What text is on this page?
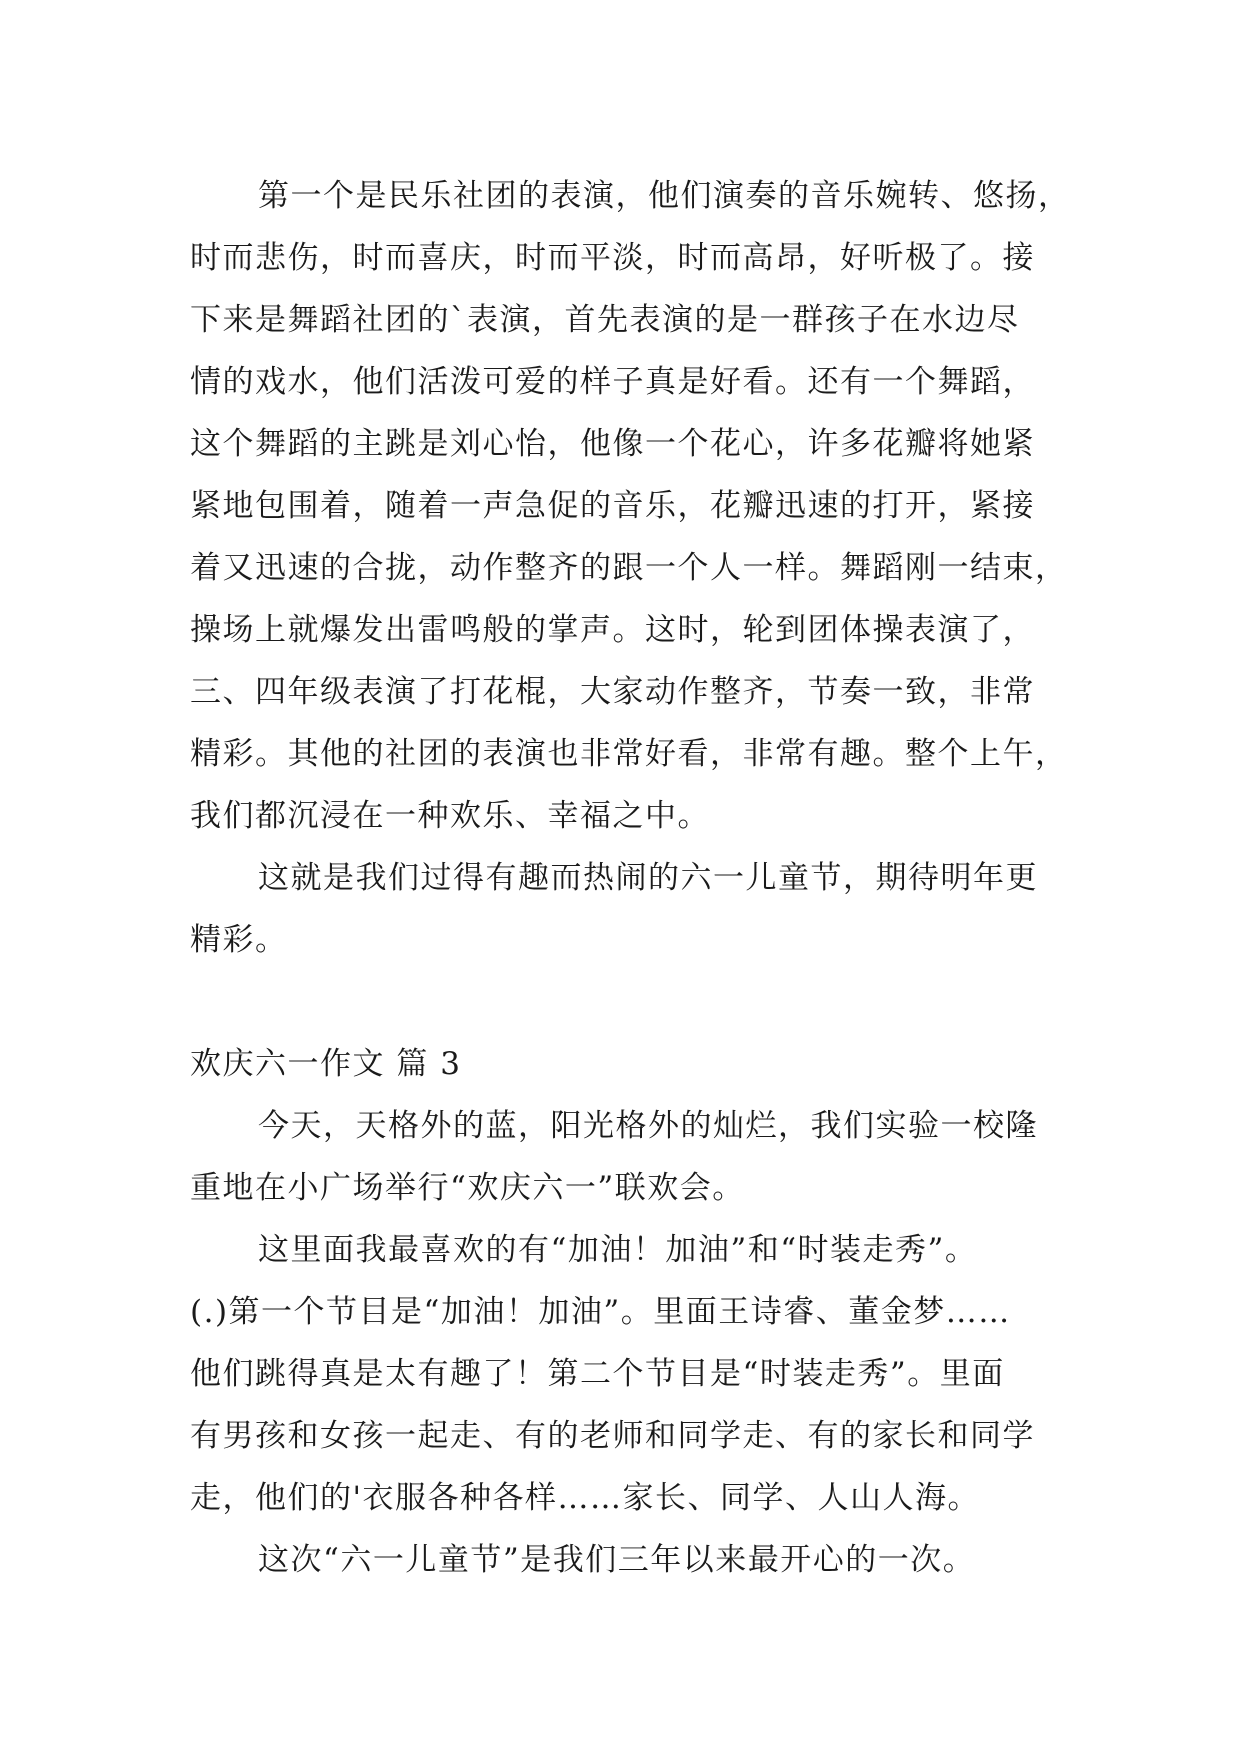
第一个是民乐社团的表演，他们演奏的音乐婉转、悠扬，
时而悲伤，时而喜庆，时而平淡，时而高昂，好听极了。接
下来是舞蹈社团的`表演，首先表演的是一群孩子在水边尽
情的戏水，他们活泼可爱的样子真是好看。还有一个舞蹈，
这个舞蹈的主跳是刘心怡，他像一个花心，许多花瓣将她紧
紧地包围着，随着一声急促的音乐，花瓣迅速的打开，紧接
着又迅速的合拢，动作整齐的跟一个人一样。舞蹈刚一结束，
操场上就爆发出雷鸣般的掌声。这时，轮到团体操表演了，
三、四年级表演了打花棍，大家动作整齐，节奏一致，非常
精彩。其他的社团的表演也非常好看，非常有趣。整个上午，
我们都沉浸在一种欢乐、幸福之中。
这就是我们过得有趣而热闹的六一儿童节，期待明年更
精彩。
欢庆六一作文 篇 3
今天，天格外的蓝，阳光格外的灿烂，我们实验一校隆
重地在小广场举行“欢庆六一”联欢会。
这里面我最喜欢的有“加油！加油”和“时装走秀”。
(.)第一个节目是“加油！加油”。里面王诗睿、董金梦……
他们跳得真是太有趣了！第二个节目是“时装走秀”。里面
有男孩和女孩一起走、有的老师和同学走、有的家长和同学
走，他们的'衣服各种各样……家长、同学、人山人海。
这次“六一儿童节”是我们三年以来最开心的一次。
